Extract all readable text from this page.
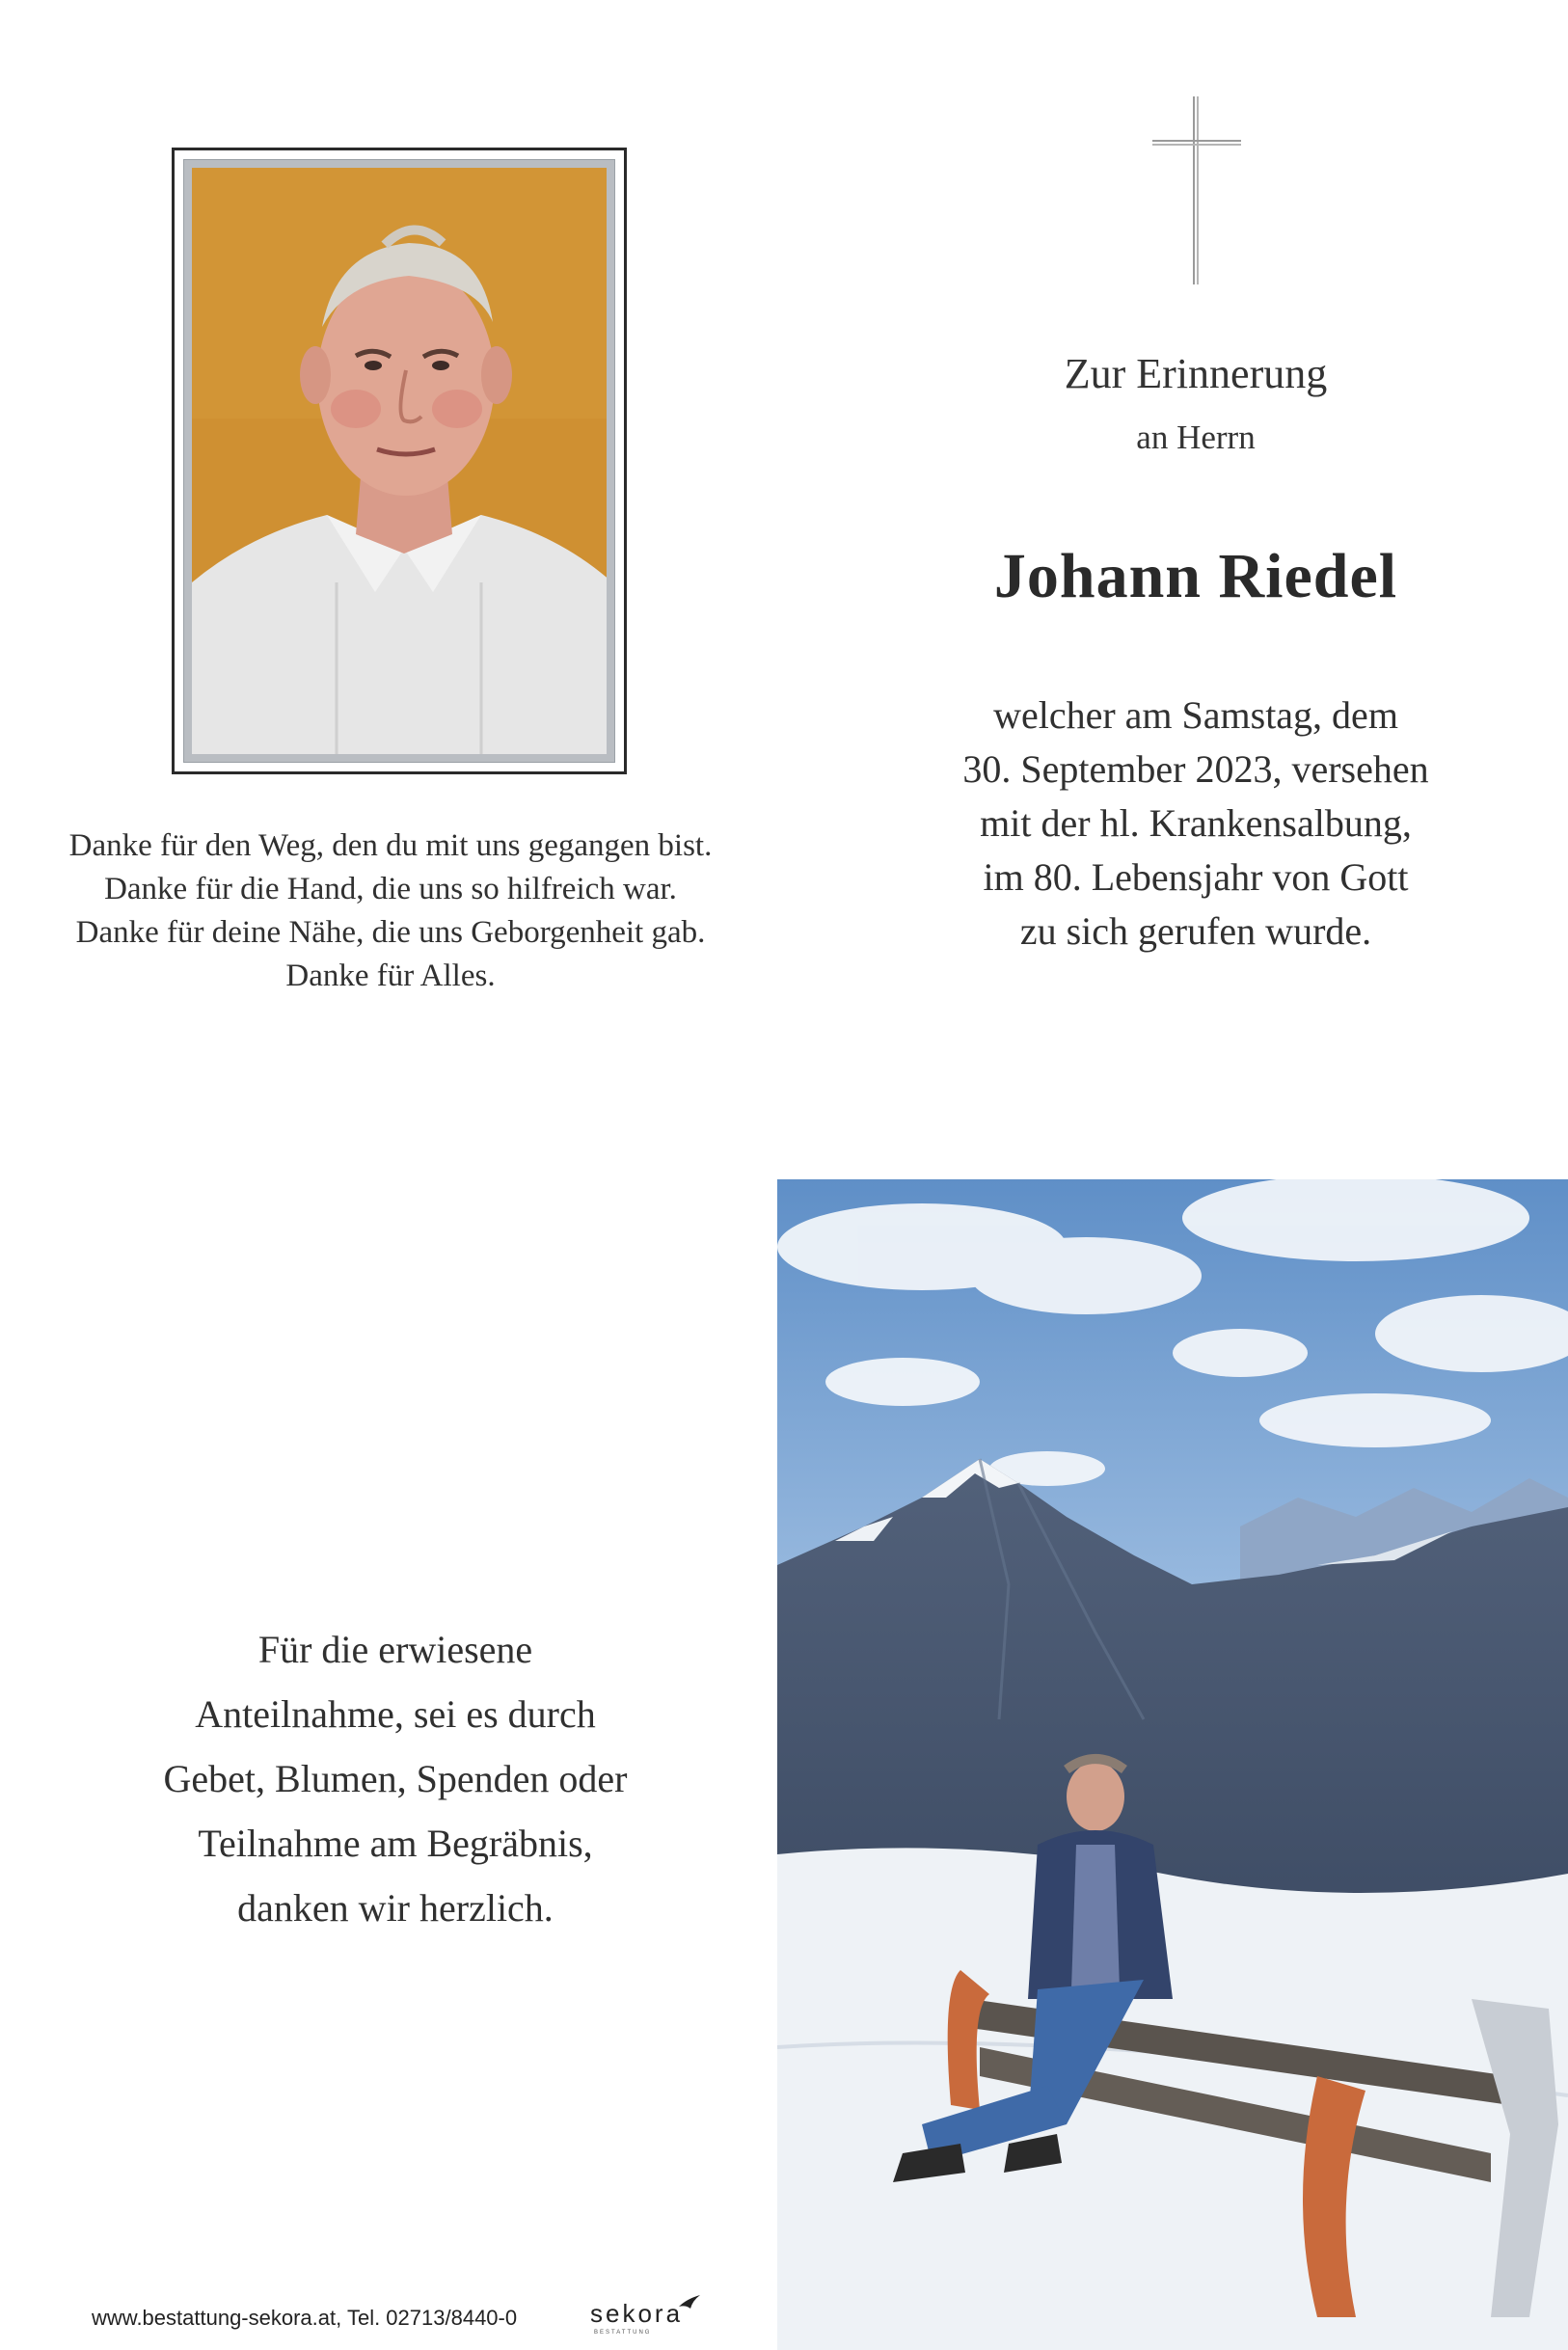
Danke für den Weg, den du mit uns gegangen bist.
Danke für die Hand, die uns so hilfreich war.
Danke für deine Nähe, die uns Geborgenheit gab.
Danke für Alles.
Zur Erinnerung
an Herrn
Johann Riedel
welcher am Samstag, dem
30. September 2023, versehen
mit der hl. Krankensalbung,
im 80. Lebensjahr von Gott
zu sich gerufen wurde.
Für die erwiesene
Anteilnahme, sei es durch
Gebet, Blumen, Spenden oder
Teilnahme am Begräbnis,
danken wir herzlich.
www.bestattung-sekora.at, Tel. 02713/8440-0	sekora
BESTATTUNG
